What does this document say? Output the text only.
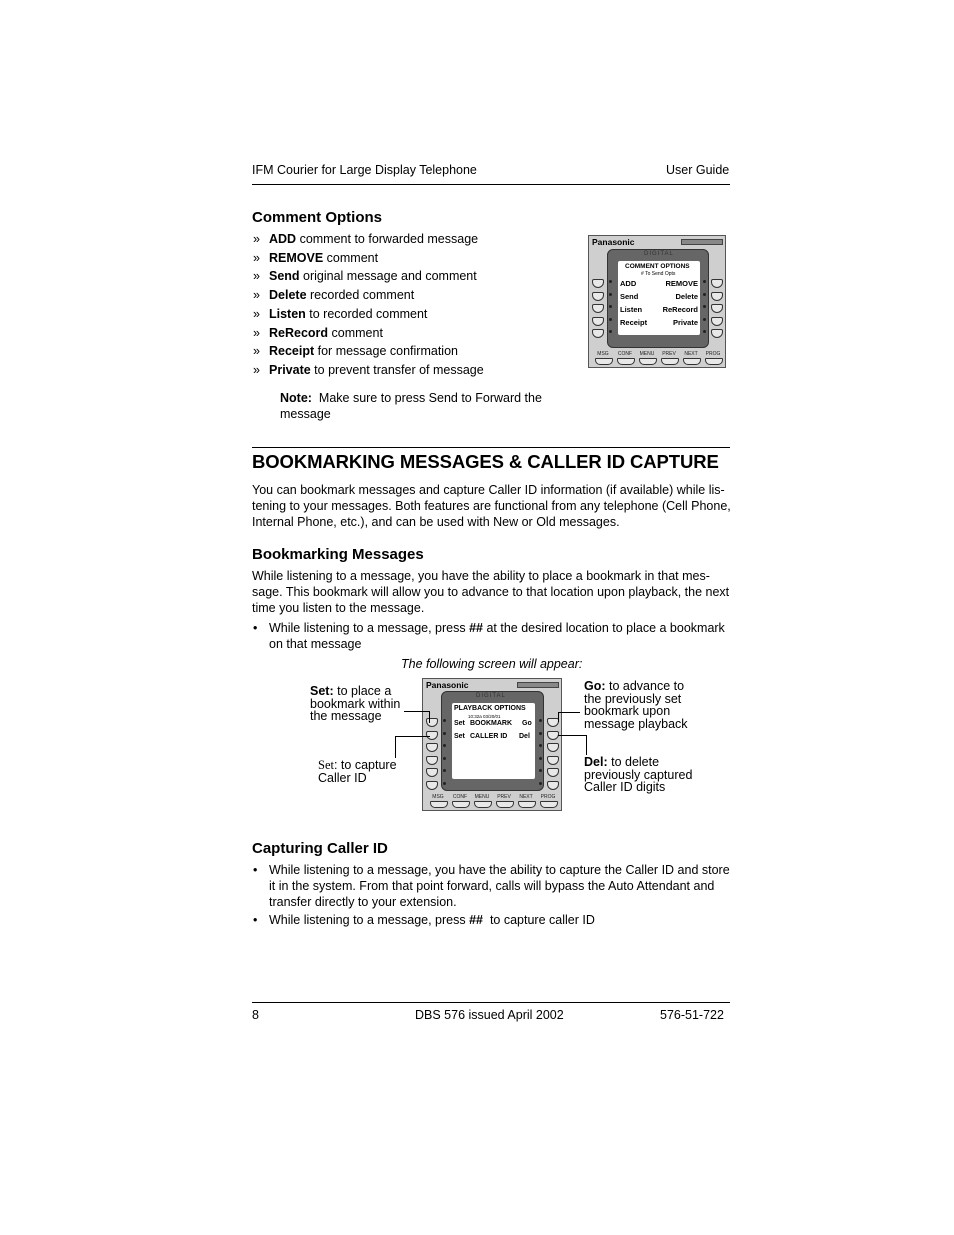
IFM Courier for Large Display Telephone	User Guide
Comment Options
» ADD comment to forwarded message
» REMOVE comment
» Send original message and comment
» Delete recorded comment
» Listen to recorded comment
» ReRecord comment
» Receipt for message confirmation
» Private to prevent transfer of message
Note: Make sure to press Send to Forward the message
Panasonic
DIGITAL
COMMENT OPTIONS
# To Send Opts
ADD	REMOVE
Send	Delete
Listen	ReRecord
Receipt	Private
MSG	CONF	MENU	PREV	NEXT	PROG
BOOKMARKING MESSAGES & CALLER ID CAPTURE
You can bookmark messages and capture Caller ID information (if available) while lis-
tening to your messages. Both features are functional from any telephone (Cell Phone,
Internal Phone, etc.), and can be used with New or Old messages.
Bookmarking Messages
While listening to a message, you have the ability to place a bookmark in that mes-
sage. This bookmark will allow you to advance to that location upon playback, the next
time you listen to the message.
• While listening to a message, press ## at the desired location to place a bookmark
on that message
The following screen will appear:
Panasonic
DIGITAL
PLAYBACK OPTIONS
10:32a 03/20/01
Set BOOKMARK Go
Set CALLER ID Del
MSG	CONF	MENU	PREV	NEXT	PROG
Set: to place a
bookmark within
the message
Set: to capture
Caller ID
Go: to advance to
the previously set
bookmark upon
message playback
Del: to delete
previously captured
Caller ID digits
Capturing Caller ID
• While listening to a message, you have the ability to capture the Caller ID and store
it in the system. From that point forward, calls will bypass the Auto Attendant and
transfer directly to your extension.
• While listening to a message, press ##  to capture caller ID
8	DBS 576 issued April 2002	576-51-722
